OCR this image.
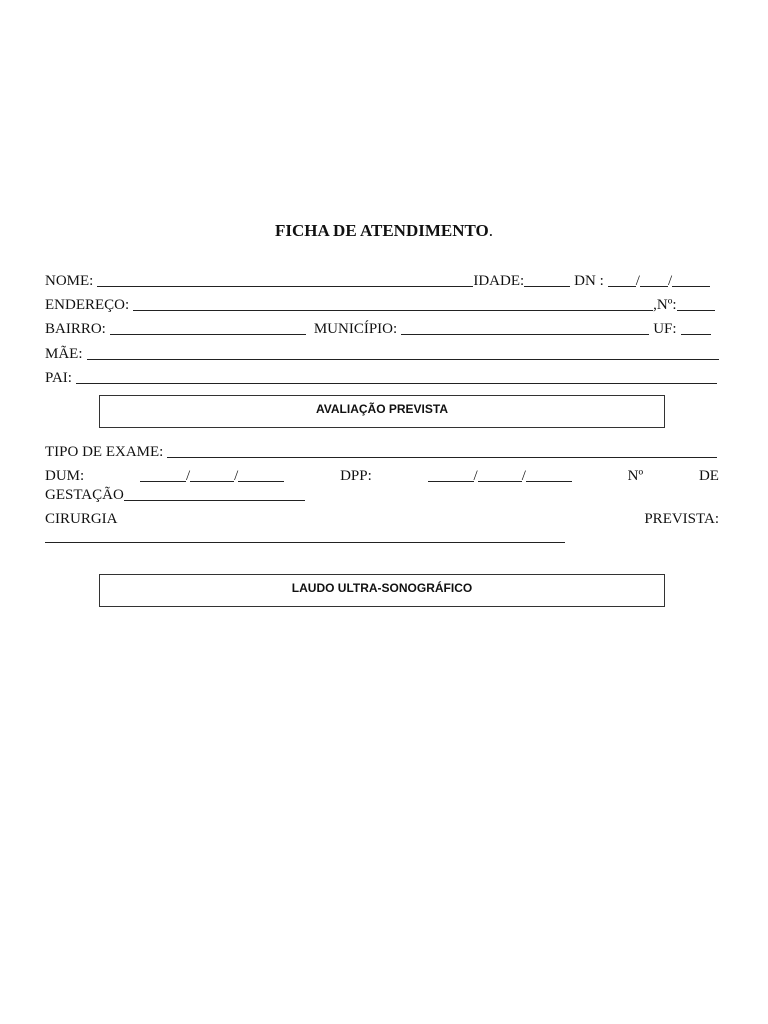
FICHA DE ATENDIMENTO.
NOME:	IDADE:	DN : / /
ENDEREÇO:	,Nº:
BAIRRO:	MUNICÍPIO:	UF:
MÃE:
PAI:
AVALIAÇÃO PREVISTA
TIPO DE EXAME:
DUM:	/	/	DPP:	/	/	Nº	DE
GESTAÇÃO
CIRURGIA	PREVISTA:
LAUDO ULTRA-SONOGRÁFICO
